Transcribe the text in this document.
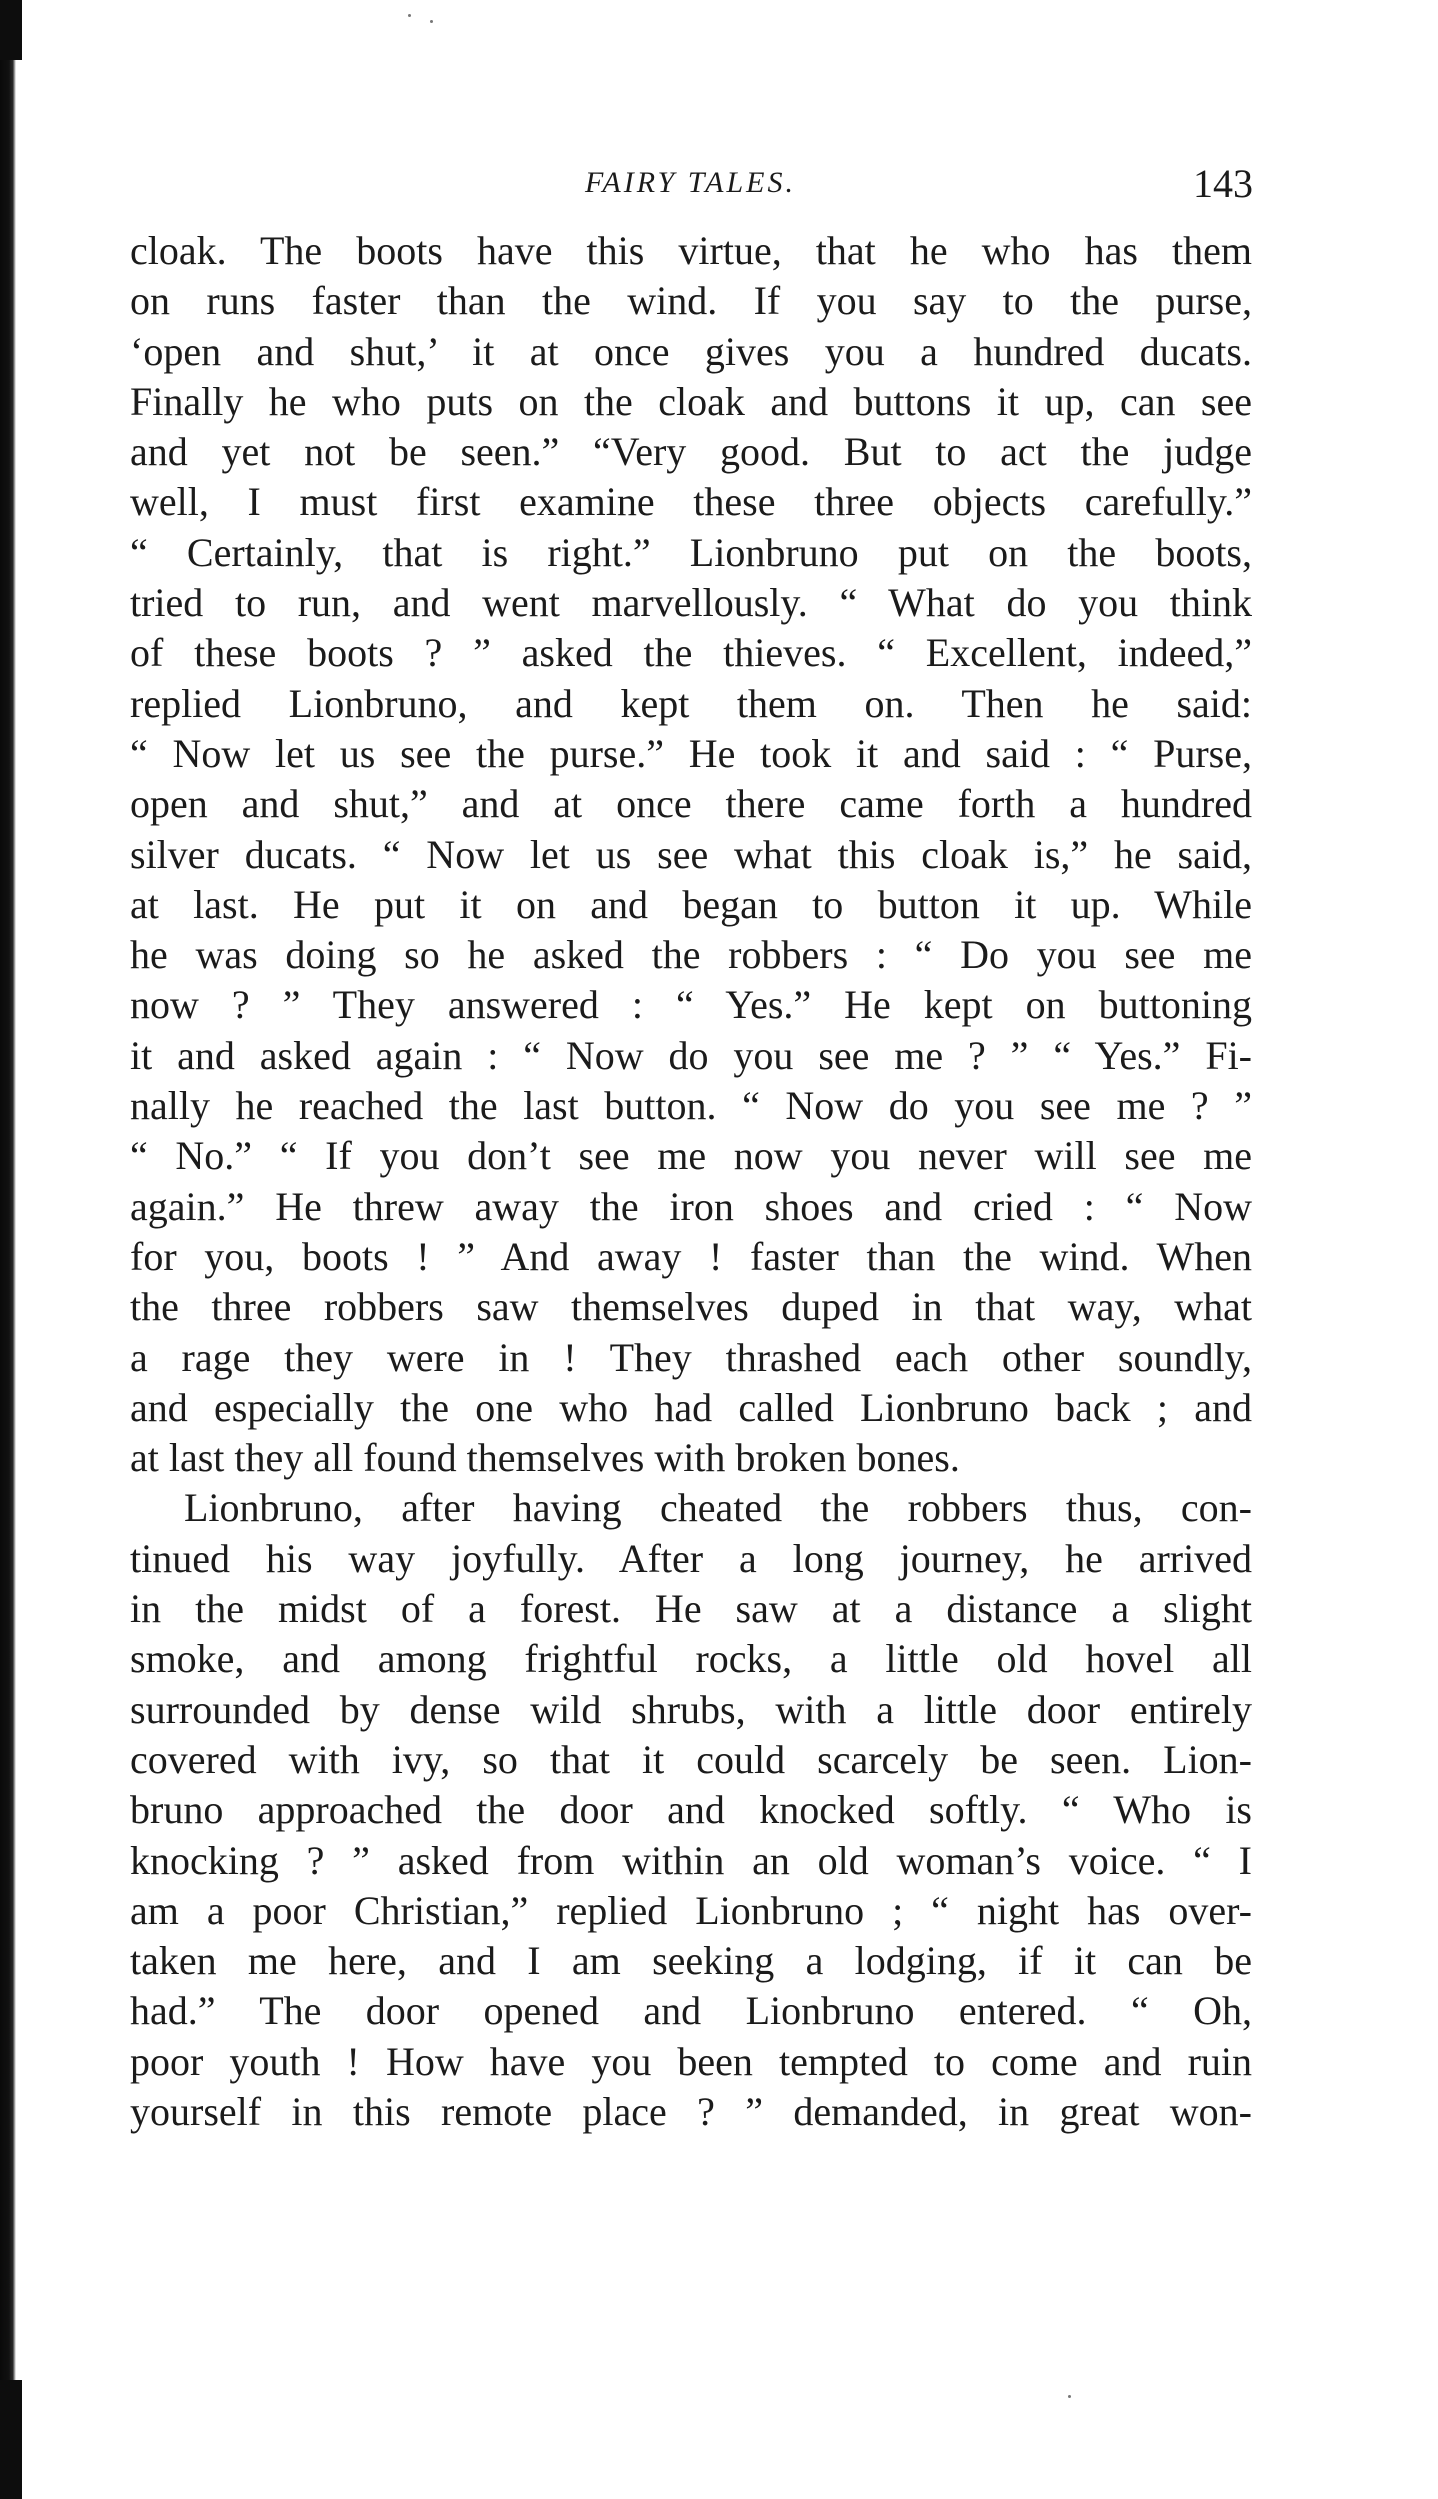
FAIRY TALES.	143
cloak. The boots have this virtue, that he who has them
on runs faster than the wind. If you say to the purse,
‘open and shut,’ it at once gives you a hundred ducats.
Finally he who puts on the cloak and buttons it up, can see
and yet not be seen.” “Very good. But to act the judge
well, I must first examine these three objects carefully.”
“ Certainly, that is right.” Lionbruno put on the boots,
tried to run, and went marvellously. “ What do you think
of these boots ? ” asked the thieves. “ Excellent, indeed,”
replied Lionbruno, and kept them on. Then he said:
“ Now let us see the purse.” He took it and said : “ Purse,
open and shut,” and at once there came forth a hundred
silver ducats. “ Now let us see what this cloak is,” he said,
at last. He put it on and began to button it up. While
he was doing so he asked the robbers : “ Do you see me
now ? ” They answered : “ Yes.” He kept on buttoning
it and asked again : “ Now do you see me ? ” “ Yes.” Fi-
nally he reached the last button. “ Now do you see me ? ”
“ No.” “ If you don’t see me now you never will see me
again.” He threw away the iron shoes and cried : “ Now
for you, boots ! ” And away ! faster than the wind. When
the three robbers saw themselves duped in that way, what
a rage they were in ! They thrashed each other soundly,
and especially the one who had called Lionbruno back ; and
at last they all found themselves with broken bones.
Lionbruno, after having cheated the robbers thus, con-
tinued his way joyfully. After a long journey, he arrived
in the midst of a forest. He saw at a distance a slight
smoke, and among frightful rocks, a little old hovel all
surrounded by dense wild shrubs, with a little door entirely
covered with ivy, so that it could scarcely be seen. Lion-
bruno approached the door and knocked softly. “ Who is
knocking ? ” asked from within an old woman’s voice. “ I
am a poor Christian,” replied Lionbruno ; “ night has over-
taken me here, and I am seeking a lodging, if it can be
had.” The door opened and Lionbruno entered. “ Oh,
poor youth ! How have you been tempted to come and ruin
yourself in this remote place ? ” demanded, in great won-
